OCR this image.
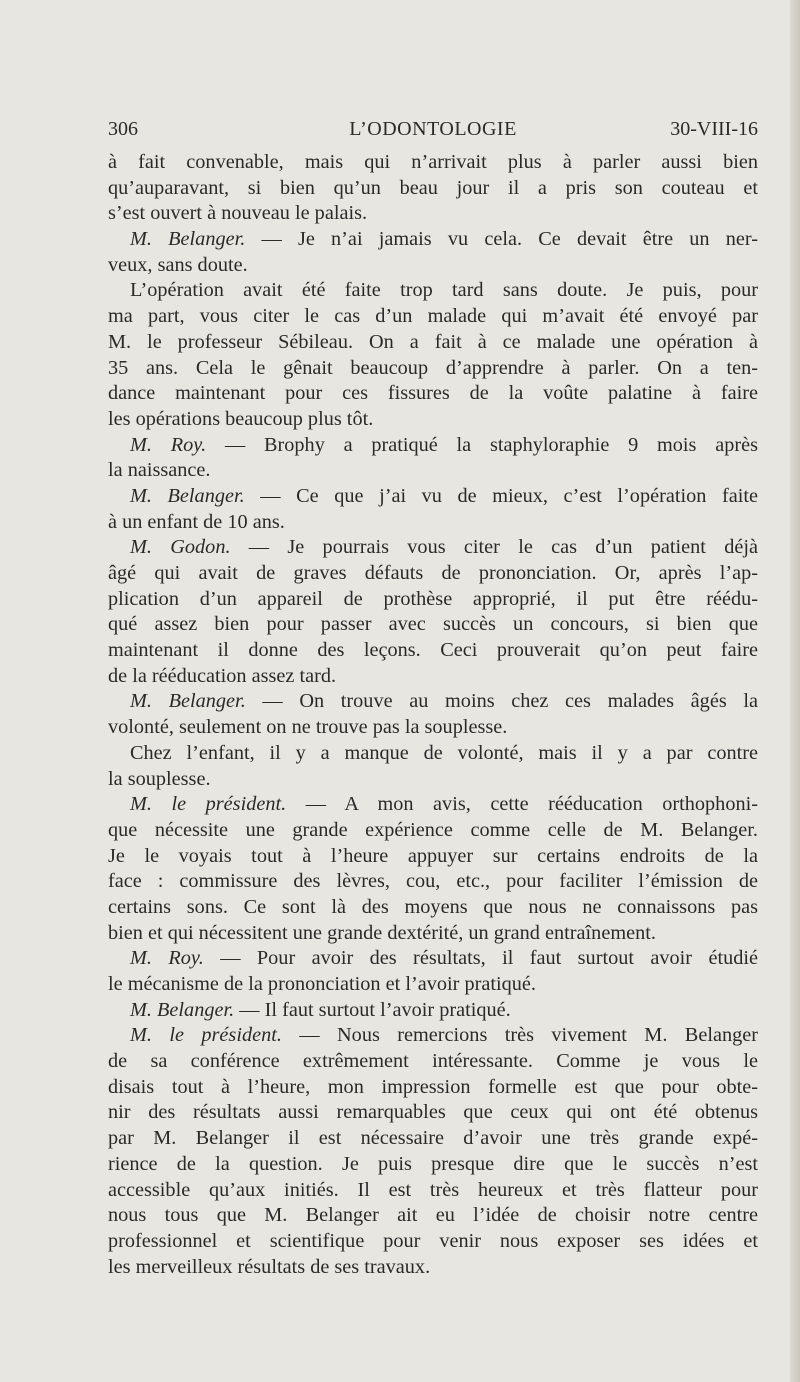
306	L’ODONTOLOGIE	30-VIII-16
à fait convenable, mais qui n’arrivait plus à parler aussi bien
qu’auparavant, si bien qu’un beau jour il a pris son couteau et
s’est ouvert à nouveau le palais.
M. Belanger. — Je n’ai jamais vu cela. Ce devait être un ner-
veux, sans doute.
L’opération avait été faite trop tard sans doute. Je puis, pour
ma part, vous citer le cas d’un malade qui m’avait été envoyé par
M. le professeur Sébileau. On a fait à ce malade une opération à
35 ans. Cela le gênait beaucoup d’apprendre à parler. On a ten-
dance maintenant pour ces fissures de la voûte palatine à faire
les opérations beaucoup plus tôt.
M. Roy. — Brophy a pratiqué la staphyloraphie 9 mois après
la naissance.
M. Belanger. — Ce que j’ai vu de mieux, c’est l’opération faite
à un enfant de 10 ans.
M. Godon. — Je pourrais vous citer le cas d’un patient déjà
âgé qui avait de graves défauts de prononciation. Or, après l’ap-
plication d’un appareil de prothèse approprié, il put être réédu-
qué assez bien pour passer avec succès un concours, si bien que
maintenant il donne des leçons. Ceci prouverait qu’on peut faire
de la rééducation assez tard.
M. Belanger. — On trouve au moins chez ces malades âgés la
volonté, seulement on ne trouve pas la souplesse.
Chez l’enfant, il y a manque de volonté, mais il y a par contre
la souplesse.
M. le président. — A mon avis, cette rééducation orthophoni-
que nécessite une grande expérience comme celle de M. Belanger.
Je le voyais tout à l’heure appuyer sur certains endroits de la
face : commissure des lèvres, cou, etc., pour faciliter l’émission de
certains sons. Ce sont là des moyens que nous ne connaissons pas
bien et qui nécessitent une grande dextérité, un grand entraînement.
M. Roy. — Pour avoir des résultats, il faut surtout avoir étudié
le mécanisme de la prononciation et l’avoir pratiqué.
M. Belanger. — Il faut surtout l’avoir pratiqué.
M. le président. — Nous remercions très vivement M. Belanger
de sa conférence extrêmement intéressante. Comme je vous le
disais tout à l’heure, mon impression formelle est que pour obte-
nir des résultats aussi remarquables que ceux qui ont été obtenus
par M. Belanger il est nécessaire d’avoir une très grande expé-
rience de la question. Je puis presque dire que le succès n’est
accessible qu’aux initiés. Il est très heureux et très flatteur pour
nous tous que M. Belanger ait eu l’idée de choisir notre centre
professionnel et scientifique pour venir nous exposer ses idées et
les merveilleux résultats de ses travaux.
